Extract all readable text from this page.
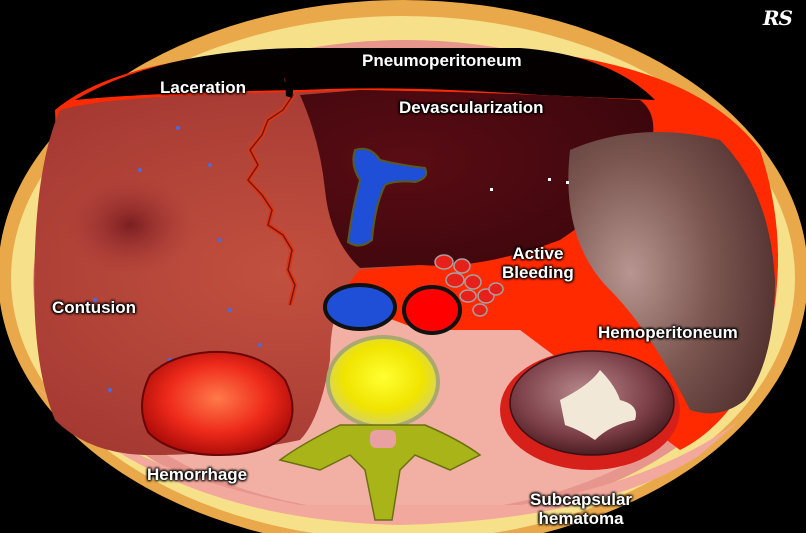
RS

Pneumoperitoneum

Laceration

Devascularization

Active
Bleeding

Contusion

Hemoperitoneum

Hemorrhage

Subcapsular
hematoma
